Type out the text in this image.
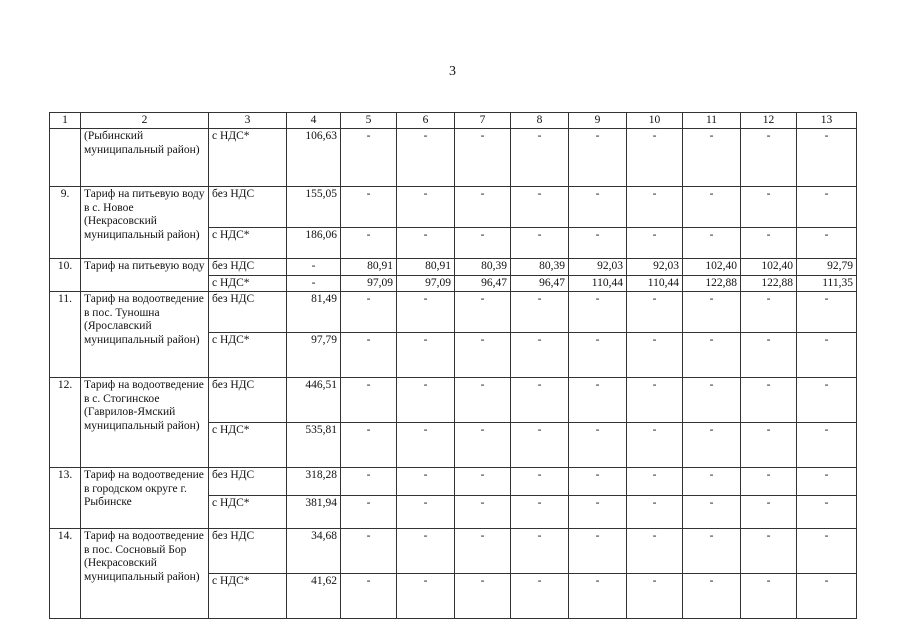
3
1	2	3	4	5	6	7	8	9	10	11	12	13
	(Рыбинский муниципальный район)	с НДС*	106,63	-	-	-	-	-	-	-	-	-
9.	Тариф на питьевую воду в с. Новое (Некрасовский муниципальный район)	без НДС	155,05	-	-	-	-	-	-	-	-	-
		с НДС*	186,06	-	-	-	-	-	-	-	-	-
10.	Тариф на питьевую воду	без НДС	-	80,91	80,91	80,39	80,39	92,03	92,03	102,40	102,40	92,79
		с НДС*	-	97,09	97,09	96,47	96,47	110,44	110,44	122,88	122,88	111,35
11.	Тариф на водоотведение в пос. Туношна (Ярославский муниципальный район)	без НДС	81,49	-	-	-	-	-	-	-	-	-
		с НДС*	97,79	-	-	-	-	-	-	-	-	-
12.	Тариф на водоотведение в с. Стогинское (Гаврилов-Ямский муниципальный район)	без НДС	446,51	-	-	-	-	-	-	-	-	-
		с НДС*	535,81	-	-	-	-	-	-	-	-	-
13.	Тариф на водоотведение в городском округе г. Рыбинске	без НДС	318,28	-	-	-	-	-	-	-	-	-
		с НДС*	381,94	-	-	-	-	-	-	-	-	-
14.	Тариф на водоотведение в пос. Сосновый Бор (Некрасовский муниципальный район)	без НДС	34,68	-	-	-	-	-	-	-	-	-
		с НДС*	41,62	-	-	-	-	-	-	-	-	-
